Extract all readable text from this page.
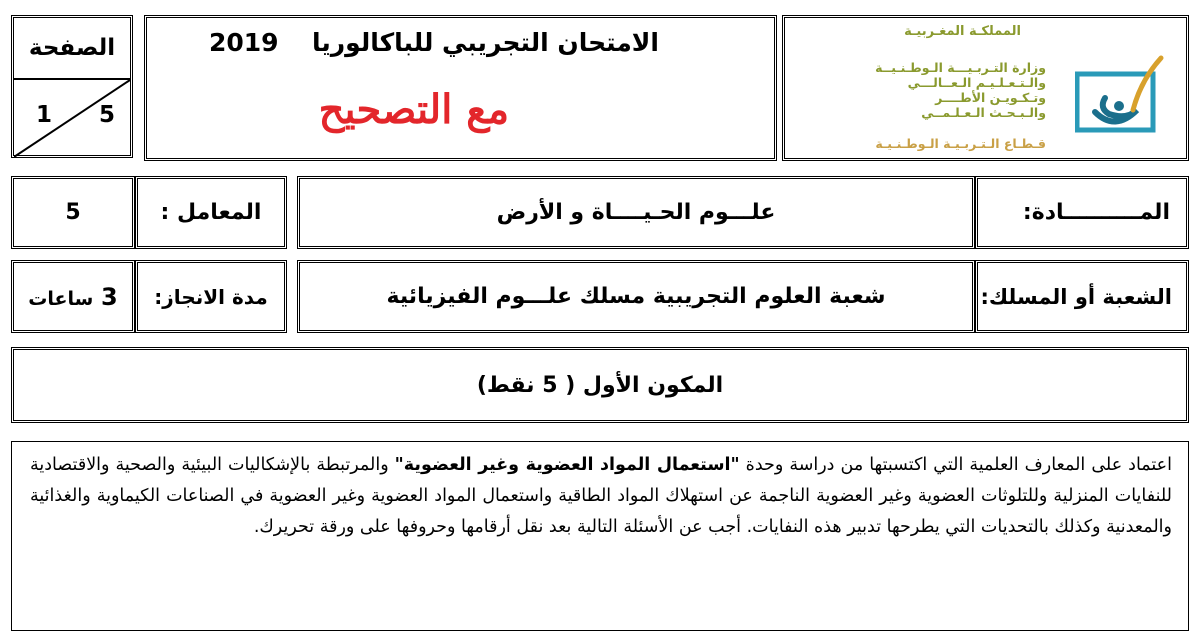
الصفحة
1 5
الامتحان التجريبي للباكالوريا  2019
مع التصحيح
المملكـة المغـربيـة
وزارة التـربـيـــة الـوطـنـيــة
والـتـعـلـيـم الـعــالـــي
وتـكـويـن الأطــــر
والـبـحـث الـعـلـمــي
قـطـاع الـتـربـيـة الـوطـنـيـة
5	المعامل :	علـــوم الحـيــــاة و الأرض	المــــــــــادة:
3 ساعات	مدة الانجاز:	شعبة العلوم التجريبية مسلك علـــوم الفيزيائية	الشعبة أو المسلك:
المكون الأول ( 5 نقط)

اعتماد على المعارف العلمية التي اكتسبتها من دراسة وحدة "استعمال المواد العضوية وغير العضوية" والمرتبطة بالإشكاليات البيئية والصحية والاقتصادية للنفايات المنزلية وللتلوثات العضوية وغير العضوية الناجمة عن استهلاك المواد الطاقية واستعمال المواد العضوية وغير العضوية في الصناعات الكيماوية والغذائية والمعدنية وكذلك بالتحديات التي يطرحها تدبير هذه النفايات. أجب عن الأسئلة التالية بعد نقل أرقامها وحروفها على ورقة تحريرك.
